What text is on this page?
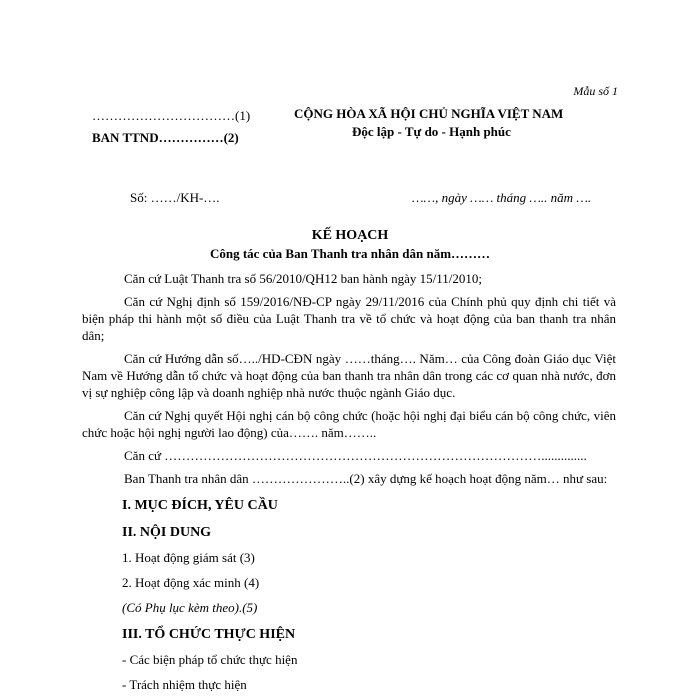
Mẫu số 1
……………………………(1)
BAN TTND……………(2)
CỘNG HÒA XÃ HỘI CHỦ NGHĨA VIỆT NAM
Độc lập - Tự do - Hạnh phúc
Số: ……/KH-….	……, ngày …… tháng ….. năm ….
KẾ HOẠCH
Công tác của Ban Thanh tra nhân dân năm………

Căn cứ Luật Thanh tra số 56/2010/QH12 ban hành ngày 15/11/2010;

Căn cứ Nghị định số 159/2016/NĐ-CP ngày 29/11/2016 của Chính phủ quy định chi tiết và biện pháp thi hành một số điều của Luật Thanh tra về tổ chức và hoạt động của ban thanh tra nhân dân;

Căn cứ Hướng dẫn số…../HD-CĐN ngày ……tháng…. Năm… của Công đoàn Giáo dục Việt Nam về Hướng dẫn tổ chức và hoạt động của ban thanh tra nhân dân trong các cơ quan nhà nước, đơn vị sự nghiệp công lập và doanh nghiệp nhà nước thuộc ngành Giáo dục.

Căn cứ Nghị quyết Hội nghị cán bộ công chức (hoặc hội nghị đại biểu cán bộ công chức, viên chức hoặc hội nghị người lao động) của……. năm……..

Căn cứ ……………………………………………………………………………..............

Ban Thanh tra nhân dân …………………..(2) xây dựng kế hoạch hoạt động năm… như sau:

I. MỤC ĐÍCH, YÊU CẦU
II. NỘI DUNG
1. Hoạt động giám sát (3)
2. Hoạt động xác minh (4)
(Có Phụ lục kèm theo).(5)
III. TỔ CHỨC THỰC HIỆN
- Các biện pháp tổ chức thực hiện
- Trách nhiệm thực hiện
